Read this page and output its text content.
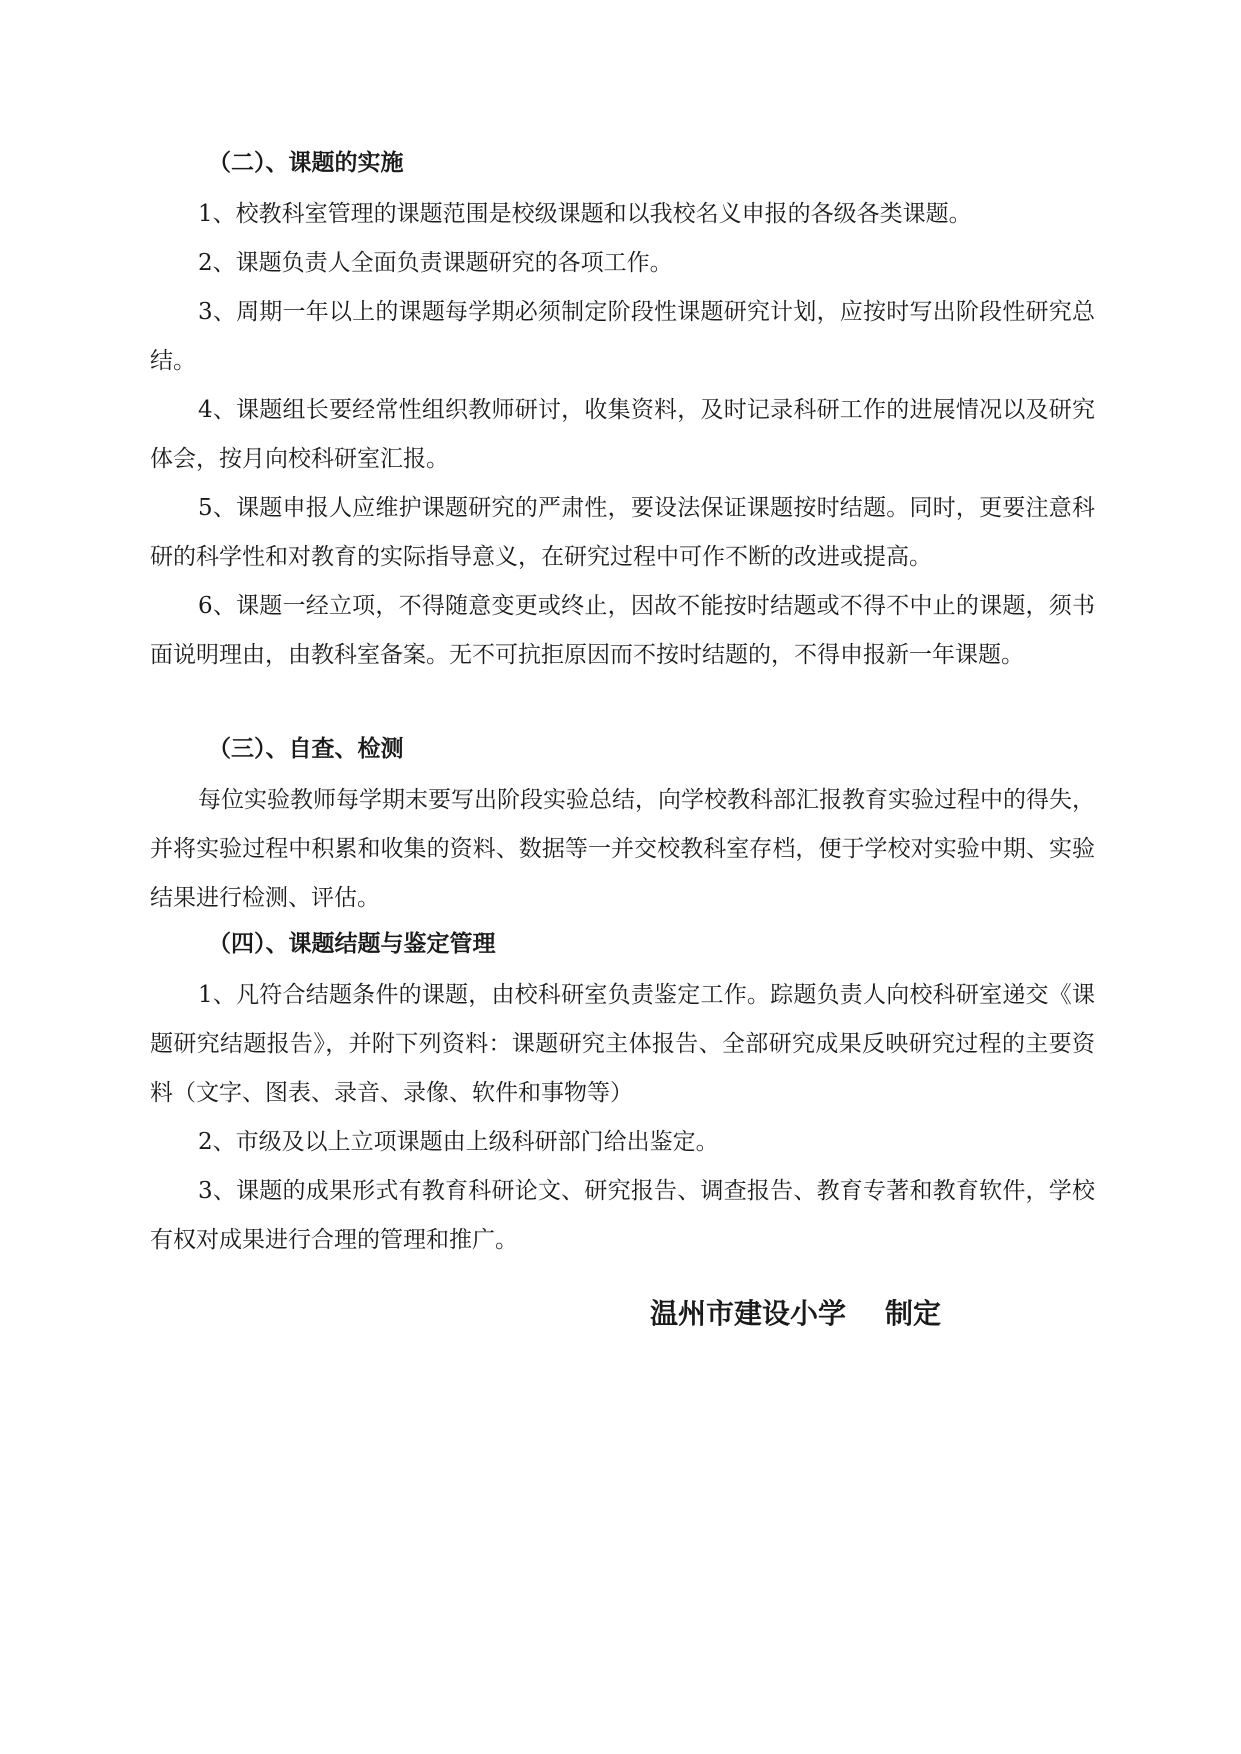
（二）、课题的实施

1、校教科室管理的课题范围是校级课题和以我校名义申报的各级各类课题。

2、课题负责人全面负责课题研究的各项工作。

3、周期一年以上的课题每学期必须制定阶段性课题研究计划，应按时写出阶段性研究总结。

4、课题组长要经常性组织教师研讨，收集资料，及时记录科研工作的进展情况以及研究体会，按月向校科研室汇报。

5、课题申报人应维护课题研究的严肃性，要设法保证课题按时结题。同时，更要注意科研的科学性和对教育的实际指导意义，在研究过程中可作不断的改进或提高。

6、课题一经立项，不得随意变更或终止，因故不能按时结题或不得不中止的课题，须书面说明理由，由教科室备案。无不可抗拒原因而不按时结题的，不得申报新一年课题。

（三）、自查、检测

每位实验教师每学期末要写出阶段实验总结，向学校教科部汇报教育实验过程中的得失，并将实验过程中积累和收集的资料、数据等一并交校教科室存档，便于学校对实验中期、实验结果进行检测、评估。

（四）、课题结题与鉴定管理

1、凡符合结题条件的课题，由校科研室负责鉴定工作。踪题负责人向校科研室递交《课题研究结题报告》，并附下列资料：课题研究主体报告、全部研究成果反映研究过程的主要资料（文字、图表、录音、录像、软件和事物等）

2、市级及以上立项课题由上级科研部门给出鉴定。

3、课题的成果形式有教育科研论文、研究报告、调查报告、教育专著和教育软件，学校有权对成果进行合理的管理和推广。

温州市建设小学    制定
